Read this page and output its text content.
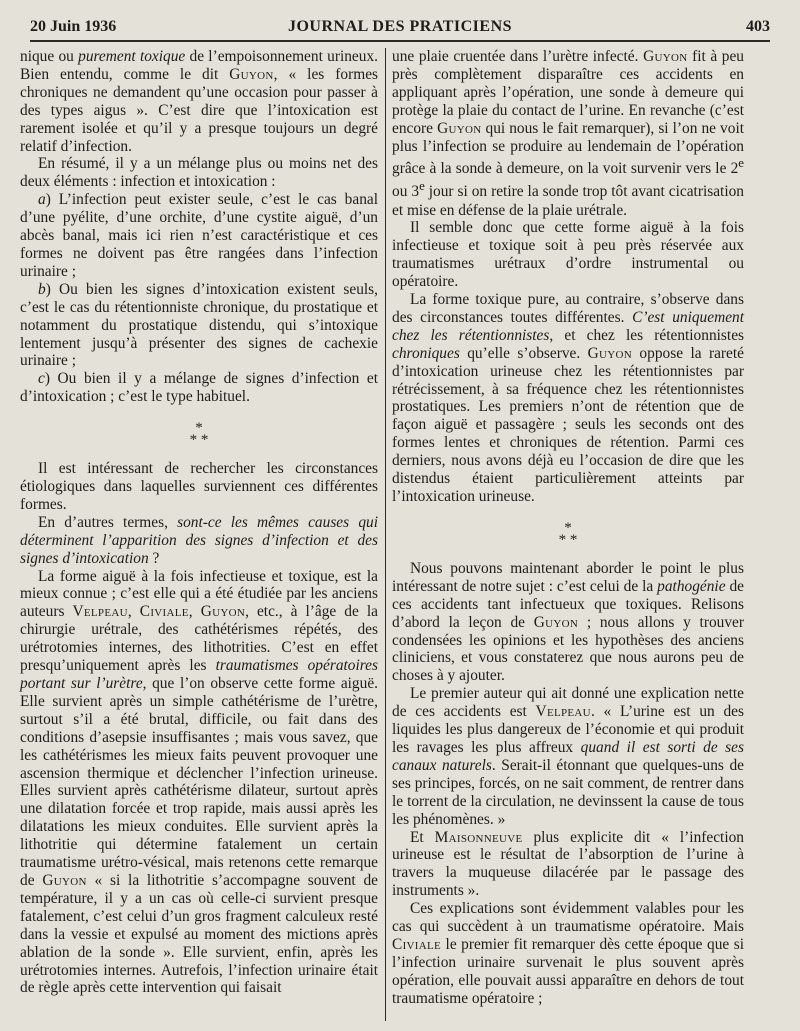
20 Juin 1936	JOURNAL DES PRATICIENS	403

nique ou purement toxique de l’empoisonnement urineux. Bien entendu, comme le dit Guyon, « les formes chroniques ne demandent qu’une occasion pour passer à des types aigus ». C’est dire que l’intoxication est rarement isolée et qu’il y a presque toujours un degré relatif d’infection.

En résumé, il y a un mélange plus ou moins net des deux éléments : infection et intoxication :

a) L’infection peut exister seule, c’est le cas banal d’une pyélite, d’une orchite, d’une cystite aiguë, d’un abcès banal, mais ici rien n’est caractéristique et ces formes ne doivent pas être rangées dans l’infection urinaire ;

b) Ou bien les signes d’intoxication existent seuls, c’est le cas du rétentionniste chronique, du prostatique et notamment du prostatique distendu, qui s’intoxique lentement jusqu’à présenter des signes de cachexie urinaire ;

c) Ou bien il y a mélange de signes d’infection et d’intoxication ; c’est le type habituel.

*
* *

Il est intéressant de rechercher les circonstances étiologiques dans laquelles surviennent ces différentes formes.

En d’autres termes, sont-ce les mêmes causes qui déterminent l’apparition des signes d’infection et des signes d’intoxication ?

La forme aiguë à la fois infectieuse et toxique, est la mieux connue ; c’est elle qui a été étudiée par les anciens auteurs Velpeau, Civiale, Guyon, etc., à l’âge de la chirurgie urétrale, des cathétérismes répétés, des urétrotomies internes, des lithotrities. C’est en effet presqu’uniquement après les traumatismes opératoires portant sur l’urètre, que l’on observe cette forme aiguë. Elle survient après un simple cathétérisme de l’urètre, surtout s’il a été brutal, difficile, ou fait dans des conditions d’asepsie insuffisantes ; mais vous savez, que les cathétérismes les mieux faits peuvent provoquer une ascension thermique et déclencher l’infection urineuse. Elles survient après cathétérisme dilateur, surtout après une dilatation forcée et trop rapide, mais aussi après les dilatations les mieux conduites. Elle survient après la lithotritie qui détermine fatalement un certain traumatisme urétro-vésical, mais retenons cette remarque de Guyon « si la lithotritie s’accompagne souvent de température, il y a un cas où celle-ci survient presque fatalement, c’est celui d’un gros fragment calculeux resté dans la vessie et expulsé au moment des mictions après ablation de la sonde ». Elle survient, enfin, après les urétrotomies internes. Autrefois, l’infection urinaire était de règle après cette intervention qui faisait

une plaie cruentée dans l’urètre infecté. Guyon fit à peu près complètement disparaître ces accidents en appliquant après l’opération, une sonde à demeure qui protège la plaie du contact de l’urine. En revanche (c’est encore Guyon qui nous le fait remarquer), si l’on ne voit plus l’infection se produire au lendemain de l’opération grâce à la sonde à demeure, on la voit survenir vers le 2e ou 3e jour si on retire la sonde trop tôt avant cicatrisation et mise en défense de la plaie urétrale.

Il semble donc que cette forme aiguë à la fois infectieuse et toxique soit à peu près réservée aux traumatismes urétraux d’ordre instrumental ou opératoire.

La forme toxique pure, au contraire, s’observe dans des circonstances toutes différentes. C’est uniquement chez les rétentionnistes, et chez les rétentionnistes chroniques qu’elle s’observe. Guyon oppose la rareté d’intoxication urineuse chez les rétentionnistes par rétrécissement, à sa fréquence chez les rétentionnistes prostatiques. Les premiers n’ont de rétention que de façon aiguë et passagère ; seuls les seconds ont des formes lentes et chroniques de rétention. Parmi ces derniers, nous avons déjà eu l’occasion de dire que les distendus étaient particulièrement atteints par l’intoxication urineuse.

*
* *

Nous pouvons maintenant aborder le point le plus intéressant de notre sujet : c’est celui de la pathogénie de ces accidents tant infectueux que toxiques. Relisons d’abord la leçon de Guyon ; nous allons y trouver condensées les opinions et les hypothèses des anciens cliniciens, et vous constaterez que nous aurons peu de choses à y ajouter.

Le premier auteur qui ait donné une explication nette de ces accidents est Velpeau. « L’urine est un des liquides les plus dangereux de l’économie et qui produit les ravages les plus affreux quand il est sorti de ses canaux naturels. Serait-il étonnant que quelques-uns de ses principes, forcés, on ne sait comment, de rentrer dans le torrent de la circulation, ne devinssent la cause de tous les phénomènes. »

Et Maisonneuve plus explicite dit « l’infection urineuse est le résultat de l’absorption de l’urine à travers la muqueuse dilacérée par le passage des instruments ».

Ces explications sont évidemment valables pour les cas qui succèdent à un traumatisme opératoire. Mais Civiale le premier fit remarquer dès cette époque que si l’infection urinaire survenait le plus souvent après opération, elle pouvait aussi apparaître en dehors de tout traumatisme opératoire ;
